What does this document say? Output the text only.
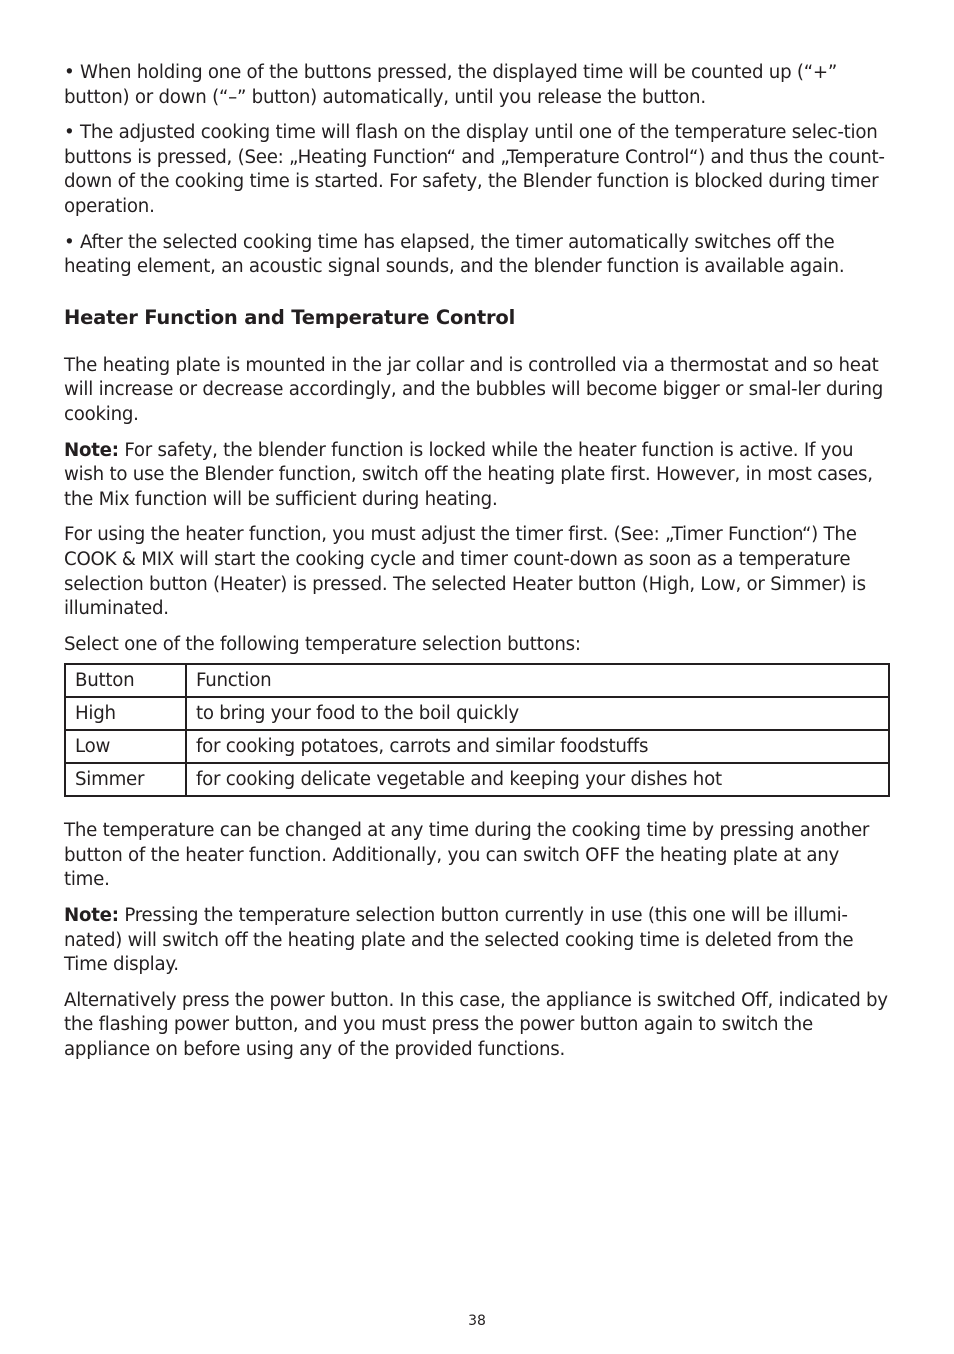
• When holding one of the buttons pressed, the displayed time will be counted up (“+” button) or down (“–” button) automatically, until you release the button.

• The adjusted cooking time will flash on the display until one of the temperature selec-tion buttons is pressed, (See: „Heating Function“ and „Temperature Control“) and thus the count-down of the cooking time is started. For safety, the Blender function is blocked during timer operation.

• After the selected cooking time has elapsed, the timer automatically switches off the heating element, an acoustic signal sounds, and the blender function is available again.

Heater Function and Temperature Control

The heating plate is mounted in the jar collar and is controlled via a thermostat and so heat will increase or decrease accordingly, and the bubbles will become bigger or smal-ler during cooking.

Note: For safety, the blender function is locked while the heater function is active. If you wish to use the Blender function, switch off the heating plate first. However, in most cases, the Mix function will be sufficient during heating.

For using the heater function, you must adjust the timer first. (See: „Timer Function“) The COOK & MIX will start the cooking cycle and timer count-down as soon as a temperature selection button (Heater) is pressed. The selected Heater button (High, Low, or Simmer) is illuminated.

Select one of the following temperature selection buttons:

Button	Function
High	to bring your food to the boil quickly
Low	for cooking potatoes, carrots and similar foodstuffs
Simmer	for cooking delicate vegetable and keeping your dishes hot

The temperature can be changed at any time during the cooking time by pressing another button of the heater function. Additionally, you can switch OFF the heating plate at any time.

Note: Pressing the temperature selection button currently in use (this one will be illumi-nated) will switch off the heating plate and the selected cooking time is deleted from the Time display.

Alternatively press the power button. In this case, the appliance is switched Off, indicated by the flashing power button, and you must press the power button again to switch the appliance on before using any of the provided functions.

38
